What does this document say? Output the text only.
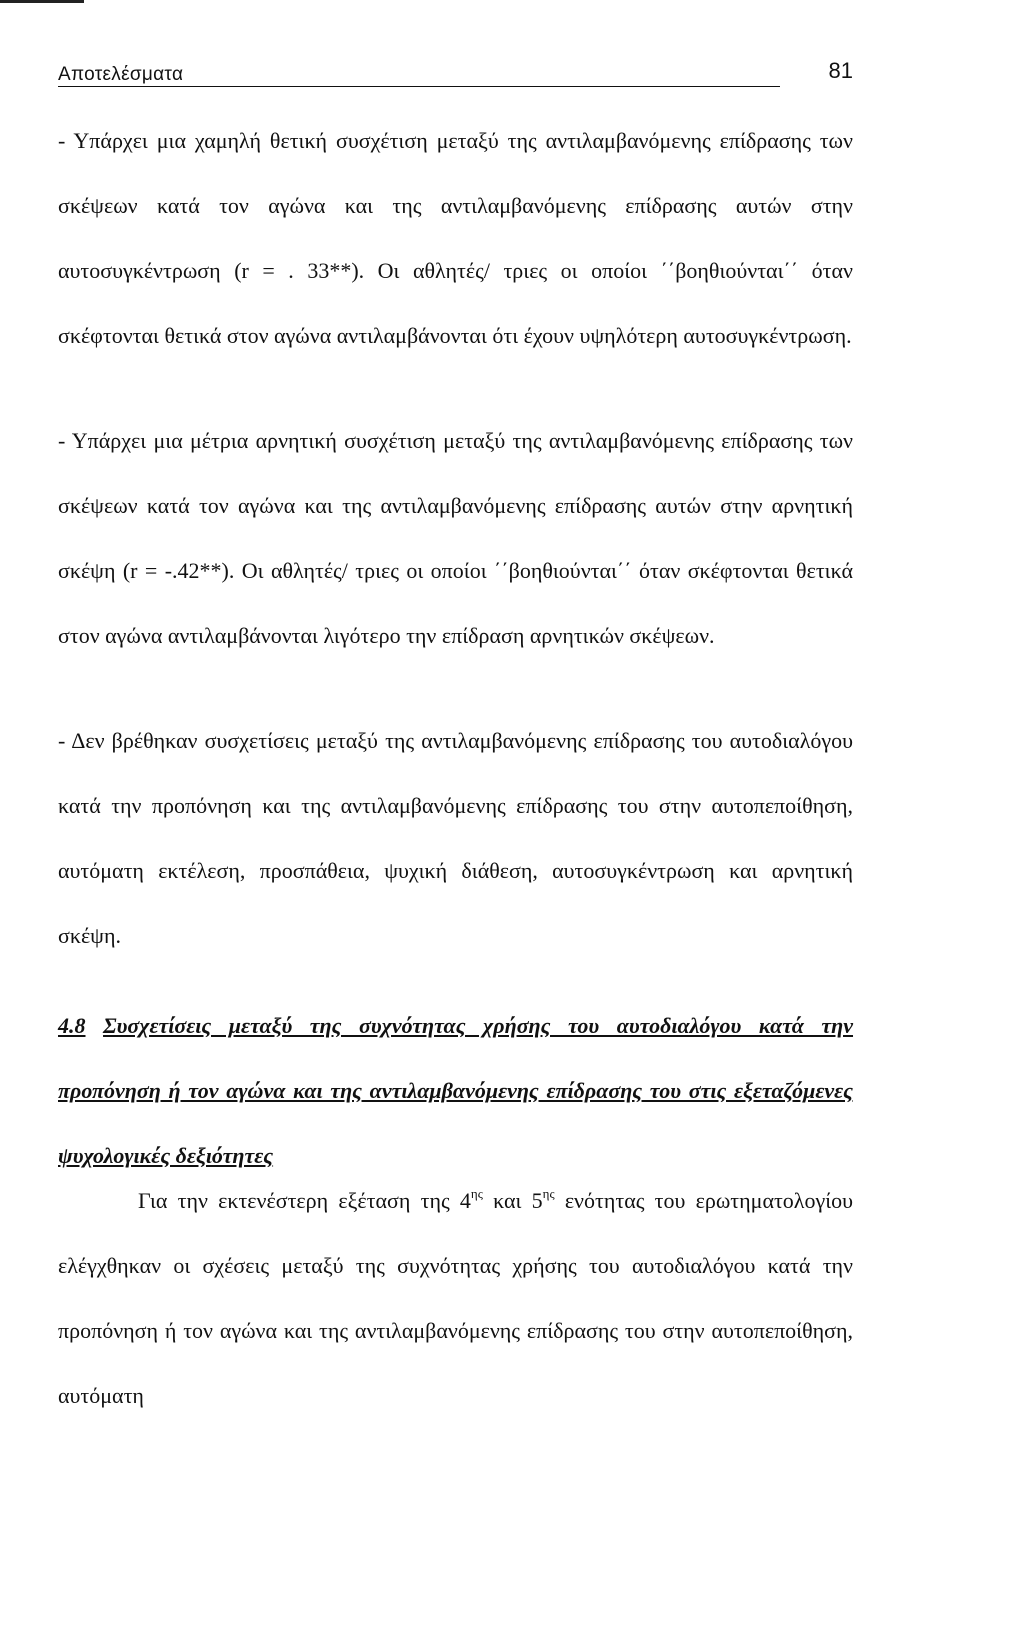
Αποτελέσματα	81

- Υπάρχει μια χαμηλή θετική συσχέτιση μεταξύ της αντιλαμβανόμενης επίδρασης των σκέψεων κατά τον αγώνα και της αντιλαμβανόμενης επίδρασης αυτών στην αυτοσυγκέντρωση (r = . 33**). Οι αθλητές/ τριες οι οποίοι ΄΄βοηθιούνται΄΄ όταν σκέφτονται θετικά στον αγώνα αντιλαμβάνονται ότι έχουν υψηλότερη αυτοσυγκέντρωση.

- Υπάρχει μια μέτρια αρνητική συσχέτιση μεταξύ της αντιλαμβανόμενης επίδρασης των σκέψεων κατά τον αγώνα και της αντιλαμβανόμενης επίδρασης αυτών στην αρνητική σκέψη (r = -.42**). Οι αθλητές/ τριες οι οποίοι ΄΄βοηθιούνται΄΄ όταν σκέφτονται θετικά στον αγώνα αντιλαμβάνονται λιγότερο την επίδραση αρνητικών σκέψεων.

- Δεν βρέθηκαν συσχετίσεις μεταξύ της αντιλαμβανόμενης επίδρασης του αυτοδιαλόγου κατά την προπόνηση και της αντιλαμβανόμενης επίδρασης του στην αυτοπεποίθηση, αυτόματη εκτέλεση, προσπάθεια, ψυχική διάθεση, αυτοσυγκέντρωση και αρνητική σκέψη.

4.8 Συσχετίσεις μεταξύ της συχνότητας χρήσης του αυτοδιαλόγου κατά την προπόνηση ή τον αγώνα και της αντιλαμβανόμενης επίδρασης του στις εξεταζόμενες ψυχολογικές δεξιότητες

Για την εκτενέστερη εξέταση της $4^{\eta\varsigma}$ και $5^{\eta\varsigma}$ ενότητας του ερωτηματολογίου ελέγχθηκαν οι σχέσεις μεταξύ της συχνότητας χρήσης του αυτοδιαλόγου κατά την προπόνηση ή τον αγώνα και της αντιλαμβανόμενης επίδρασης του στην αυτοπεποίθηση, αυτόματη
